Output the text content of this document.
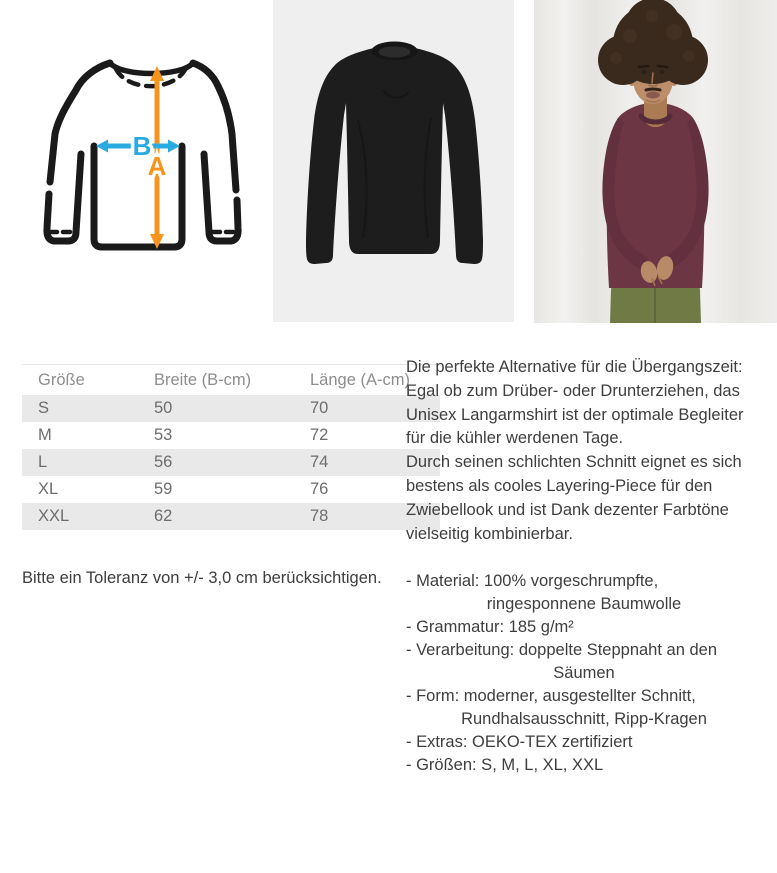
B
A
Größe	Breite (B-cm)	Länge (A-cm)
S	50	70
M	53	72
L	56	74
XL	59	76
XXL	62	78
Bitte ein Toleranz von +/- 3,0 cm berücksichtigen.
Die perfekte Alternative für die Übergangszeit:
Egal ob zum Drüber- oder Drunterziehen, das
Unisex Langarmshirt ist der optimale Begleiter
für die kühler werdenen Tage.
Durch seinen schlichten Schnitt eignet es sich
bestens als cooles Layering-Piece für den
Zwiebellook und ist Dank dezenter Farbtöne
vielseitig kombinierbar.
- Material: 100% vorgeschrumpfte,
ringesponnene Baumwolle
- Grammatur: 185 g/m²
- Verarbeitung: doppelte Steppnaht an den
Säumen
- Form: moderner, ausgestellter Schnitt,
Rundhalsausschnitt, Ripp-Kragen
- Extras: OEKO-TEX zertifiziert
- Größen: S, M, L, XL, XXL
